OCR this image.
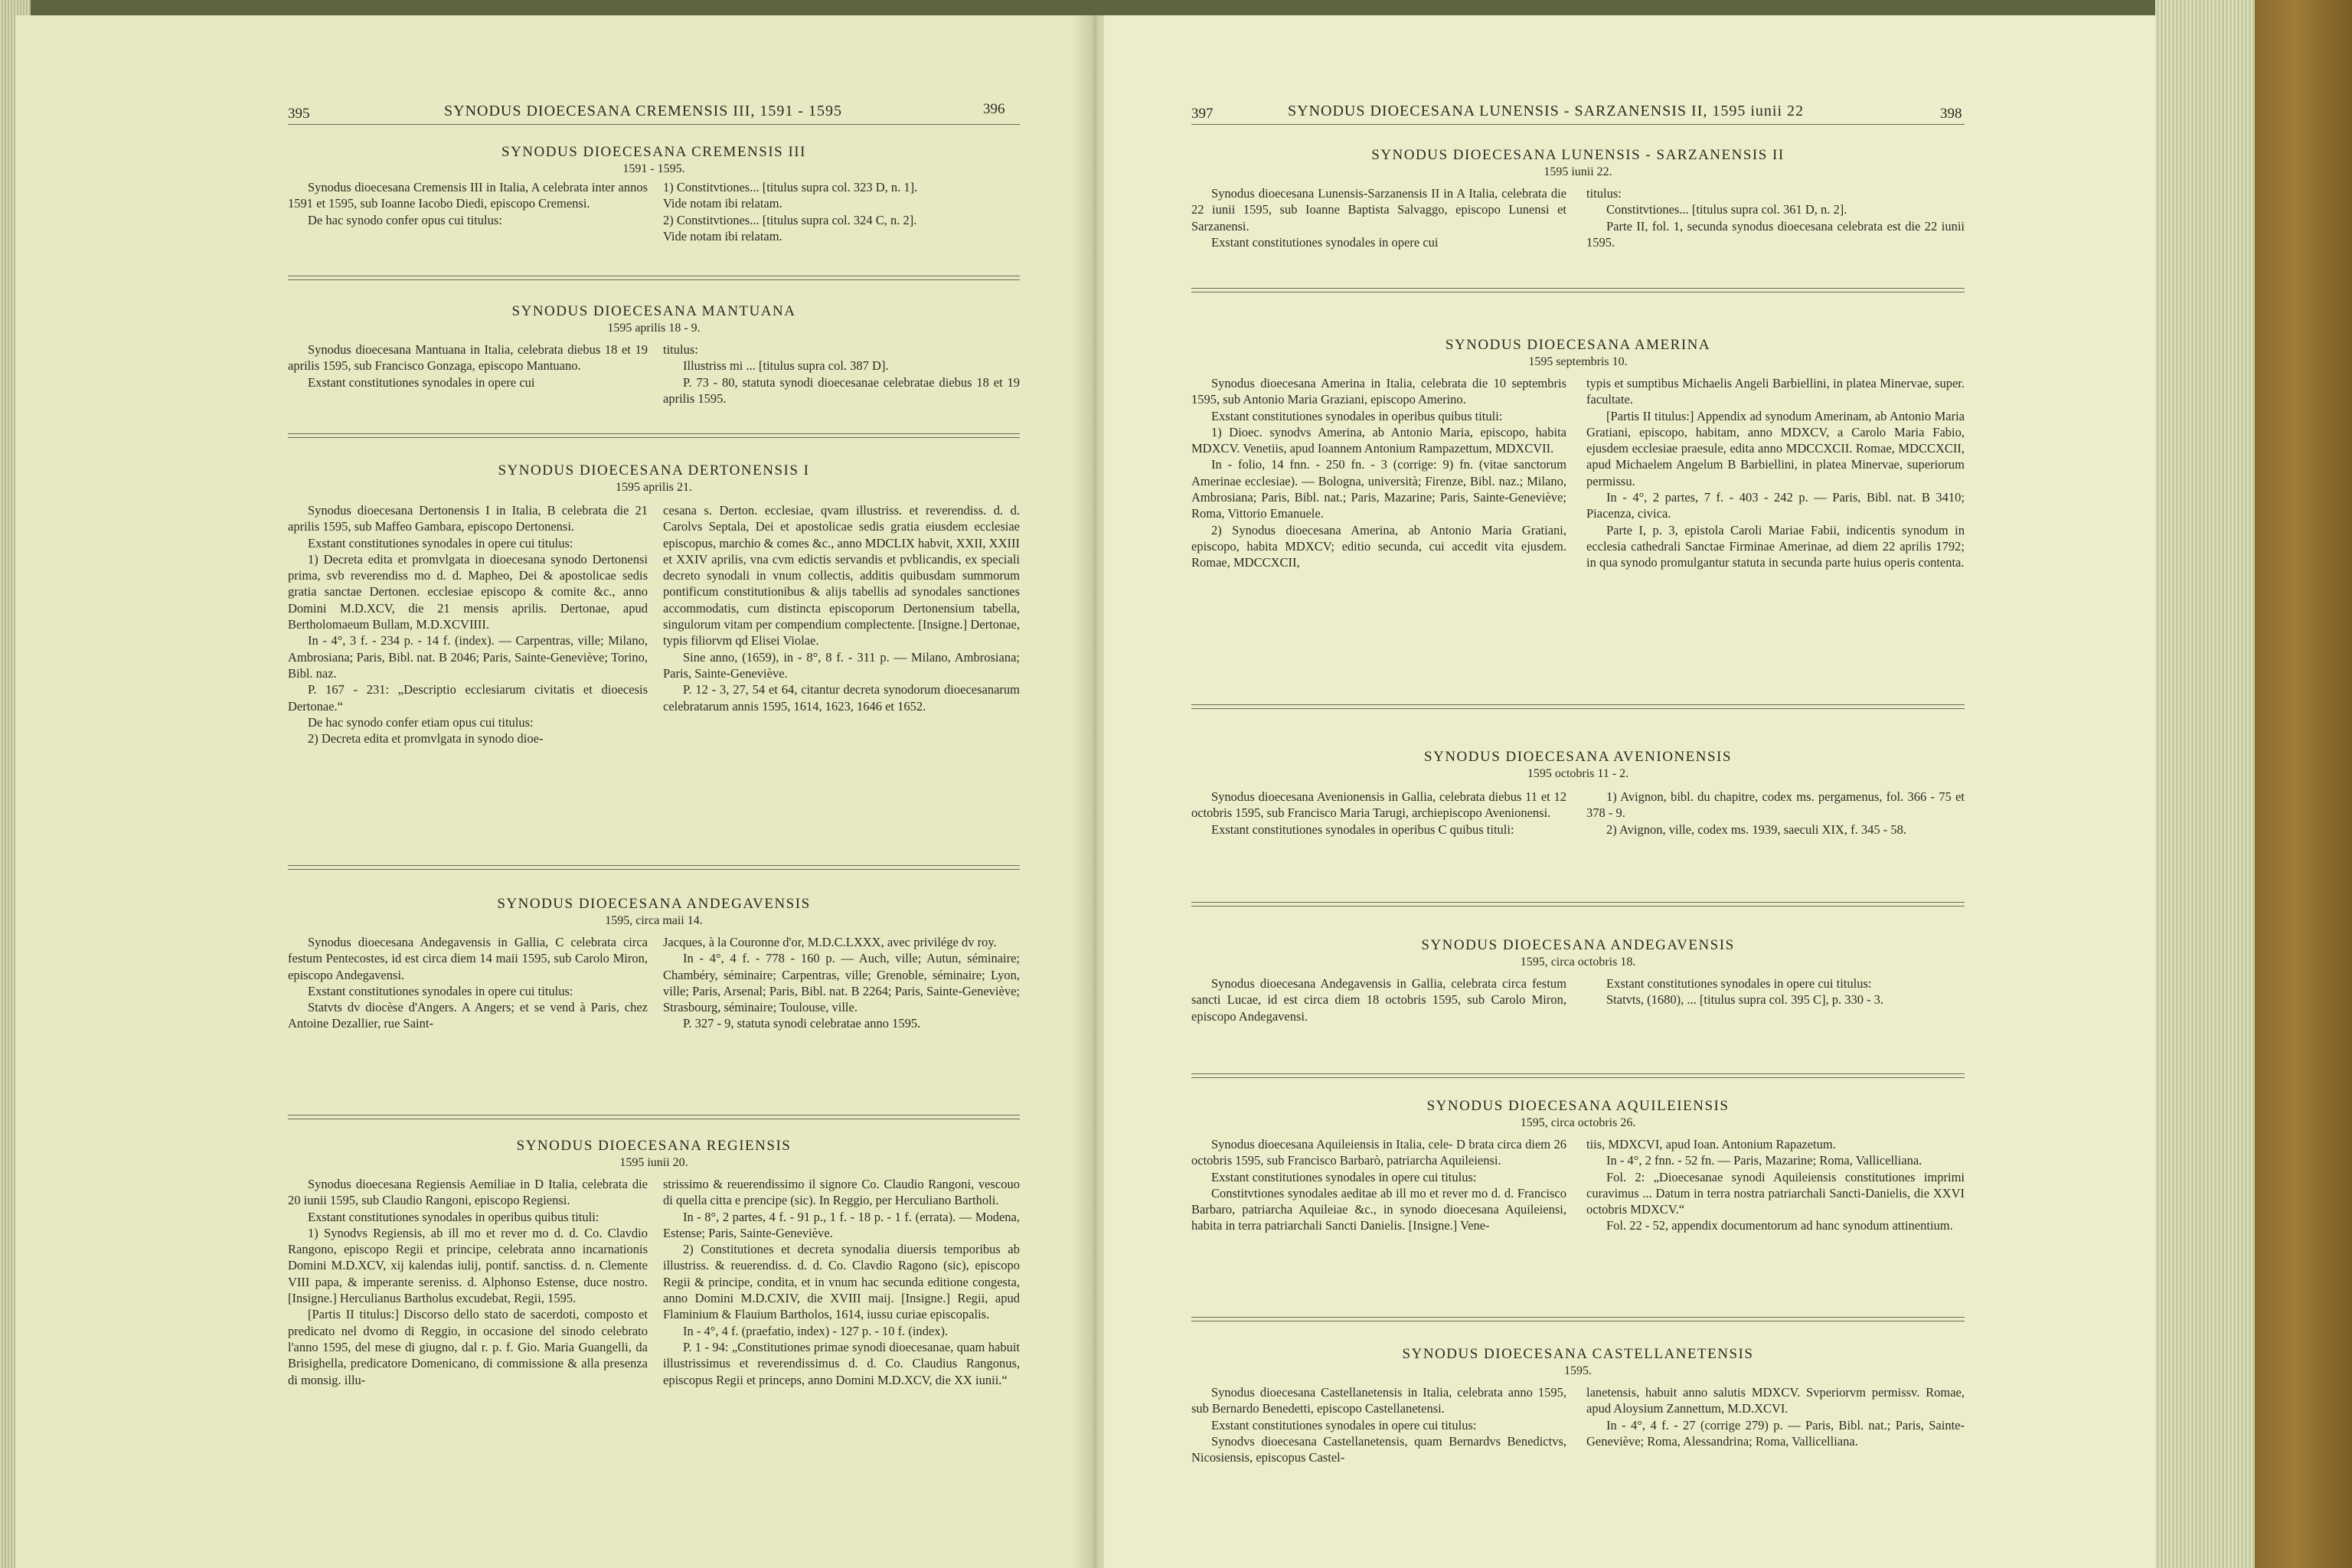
395	SYNODUS DIOECESANA CREMENSIS III, 1591 - 1595	396
SYNODUS DIOECESANA CREMENSIS III
1591 - 1595.

Synodus dioecesana Cremensis III in Italia, A celebrata inter annos 1591 et 1595, sub Ioanne Iacobo Diedi, episcopo Cremensi.

De hac synodo confer opus cui titulus:

1) Constitvtiones... [titulus supra col. 323 D, n. 1].

Vide notam ibi relatam.

2) Constitvtiones... [titulus supra col. 324 C, n. 2].

Vide notam ibi relatam.

SYNODUS DIOECESANA MANTUANA
1595 aprilis 18 - 9.

Synodus dioecesana Mantuana in Italia, celebrata diebus 18 et 19 aprilis 1595, sub Francisco Gonzaga, episcopo Mantuano.

Exstant constitutiones synodales in opere cui

titulus:

Illustriss mi ... [titulus supra col. 387 D].

P. 73 - 80, statuta synodi dioecesanae celebratae diebus 18 et 19 aprilis 1595.

SYNODUS DIOECESANA DERTONENSIS I
1595 aprilis 21.

Synodus dioecesana Dertonensis I in Italia, B celebrata die 21 aprilis 1595, sub Maffeo Gambara, episcopo Dertonensi.

Exstant constitutiones synodales in opere cui titulus:

1) Decreta edita et promvlgata in dioecesana synodo Dertonensi prima, svb reverendiss mo d. d. Mapheo, Dei & apostolicae sedis gratia sanctae Dertonen. ecclesiae episcopo & comite &c., anno Domini M.D.XCV, die 21 mensis aprilis. Dertonae, apud Bertholomaeum Bullam, M.D.XCVIIII.

In - 4°, 3 f. - 234 p. - 14 f. (index). — Carpentras, ville; Milano, Ambrosiana; Paris, Bibl. nat. B 2046; Paris, Sainte-Geneviève; Torino, Bibl. naz.

P. 167 - 231: „Descriptio ecclesiarum civitatis et dioecesis Dertonae.“

De hac synodo confer etiam opus cui titulus:

2) Decreta edita et promvlgata in synodo dioe-

cesana s. Derton. ecclesiae, qvam illustriss. et reverendiss. d. d. Carolvs Septala, Dei et apostolicae sedis gratia eiusdem ecclesiae episcopus, marchio & comes &c., anno MDCLIX habvit, XXII, XXIII et XXIV aprilis, vna cvm edictis servandis et pvblicandis, ex speciali decreto synodali in vnum collectis, additis quibusdam summorum pontificum constitutionibus & alijs tabellis ad synodales sanctiones accommodatis, cum distincta episcoporum Dertonensium tabella, singulorum vitam per compendium complectente. [Insigne.] Dertonae, typis filiorvm qd Elisei Violae.

Sine anno, (1659), in - 8°, 8 f. - 311 p. — Milano, Ambrosiana; Paris, Sainte-Geneviève.

P. 12 - 3, 27, 54 et 64, citantur decreta synodorum dioecesanarum celebratarum annis 1595, 1614, 1623, 1646 et 1652.

SYNODUS DIOECESANA ANDEGAVENSIS
1595, circa maii 14.

Synodus dioecesana Andegavensis in Gallia, C celebrata circa festum Pentecostes, id est circa diem 14 maii 1595, sub Carolo Miron, episcopo Andegavensi.

Exstant constitutiones synodales in opere cui titulus:

Statvts dv diocèse d'Angers. A Angers; et se vend à Paris, chez Antoine Dezallier, rue Saint-

Jacques, à la Couronne d'or, M.D.C.LXXX, avec privilége dv roy.

In - 4°, 4 f. - 778 - 160 p. — Auch, ville; Autun, séminaire; Chambéry, séminaire; Carpentras, ville; Grenoble, séminaire; Lyon, ville; Paris, Arsenal; Paris, Bibl. nat. B 2264; Paris, Sainte-Geneviève; Strasbourg, séminaire; Toulouse, ville.

P. 327 - 9, statuta synodi celebratae anno 1595.

SYNODUS DIOECESANA REGIENSIS
1595 iunii 20.

Synodus dioecesana Regiensis Aemiliae in D Italia, celebrata die 20 iunii 1595, sub Claudio Rangoni, episcopo Regiensi.

Exstant constitutiones synodales in operibus quibus tituli:

1) Synodvs Regiensis, ab ill mo et rever mo d. d. Co. Clavdio Rangono, episcopo Regii et principe, celebrata anno incarnationis Domini M.D.XCV, xij kalendas iulij, pontif. sanctiss. d. n. Clemente VIII papa, & imperante sereniss. d. Alphonso Estense, duce nostro. [Insigne.] Herculianus Bartholus excudebat, Regii, 1595.

[Partis II titulus:] Discorso dello stato de sacerdoti, composto et predicato nel dvomo di Reggio, in occasione del sinodo celebrato l'anno 1595, del mese di giugno, dal r. p. f. Gio. Maria Guangelli, da Brisighella, predicatore Domenicano, di commissione & alla presenza di monsig. illu-

strissimo & reuerendissimo il signore Co. Claudio Rangoni, vescouo di quella citta e prencipe (sic). In Reggio, per Herculiano Bartholi.

In - 8°, 2 partes, 4 f. - 91 p., 1 f. - 18 p. - 1 f. (errata). — Modena, Estense; Paris, Sainte-Geneviève.

2) Constitutiones et decreta synodalia diuersis temporibus ab illustriss. & reuerendiss. d. d. Co. Clavdio Ragono (sic), episcopo Regii & principe, condita, et in vnum hac secunda editione congesta, anno Domini M.D.CXIV, die XVIII maij. [Insigne.] Regii, apud Flaminium & Flauium Bartholos, 1614, iussu curiae episcopalis.

In - 4°, 4 f. (praefatio, index) - 127 p. - 10 f. (index).

P. 1 - 94: „Constitutiones primae synodi dioecesanae, quam habuit illustrissimus et reverendissimus d. d. Co. Claudius Rangonus, episcopus Regii et princeps, anno Domini M.D.XCV, die XX iunii.“

397	SYNODUS DIOECESANA LUNENSIS - SARZANENSIS II, 1595 iunii 22	398
SYNODUS DIOECESANA LUNENSIS - SARZANENSIS II
1595 iunii 22.

Synodus dioecesana Lunensis-Sarzanensis II in A Italia, celebrata die 22 iunii 1595, sub Ioanne Baptista Salvaggo, episcopo Lunensi et Sarzanensi.

Exstant constitutiones synodales in opere cui

titulus:

Constitvtiones... [titulus supra col. 361 D, n. 2].

Parte II, fol. 1, secunda synodus dioecesana celebrata est die 22 iunii 1595.

SYNODUS DIOECESANA AMERINA
1595 septembris 10.

Synodus dioecesana Amerina in Italia, celebrata die 10 septembris 1595, sub Antonio Maria Graziani, episcopo Amerino.

Exstant constitutiones synodales in operibus quibus tituli:

1) Dioec. synodvs Amerina, ab Antonio Maria, episcopo, habita MDXCV. Venetiis, apud Ioannem Antonium Rampazettum, MDXCVII.

In - folio, 14 fnn. - 250 fn. - 3 (corrige: 9) fn. (vitae sanctorum Amerinae ecclesiae). — Bologna, università; Firenze, Bibl. naz.; Milano, Ambrosiana; Paris, Bibl. nat.; Paris, Mazarine; Paris, Sainte-Geneviève; Roma, Vittorio Emanuele.

2) Synodus dioecesana Amerina, ab Antonio Maria Gratiani, episcopo, habita MDXCV; editio secunda, cui accedit vita ejusdem. Romae, MDCCXCII,

typis et sumptibus Michaelis Angeli Barbiellini, in platea Minervae, super. facultate.

[Partis II titulus:] Appendix ad synodum Amerinam, ab Antonio Maria Gratiani, episcopo, habitam, anno MDXCV, a Carolo Maria Fabio, ejusdem ecclesiae praesule, edita anno MDCCXCII. Romae, MDCCXCII, apud Michaelem Angelum B Barbiellini, in platea Minervae, superiorum permissu.

In - 4°, 2 partes, 7 f. - 403 - 242 p. — Paris, Bibl. nat. B 3410; Piacenza, civica.

Parte I, p. 3, epistola Caroli Mariae Fabii, indicentis synodum in ecclesia cathedrali Sanctae Firminae Amerinae, ad diem 22 aprilis 1792; in qua synodo promulgantur statuta in secunda parte huius operis contenta.

SYNODUS DIOECESANA AVENIONENSIS
1595 octobris 11 - 2.

Synodus dioecesana Avenionensis in Gallia, celebrata diebus 11 et 12 octobris 1595, sub Francisco Maria Tarugi, archiepiscopo Avenionensi.

Exstant constitutiones synodales in operibus C quibus tituli:

1) Avignon, bibl. du chapitre, codex ms. pergamenus, fol. 366 - 75 et 378 - 9.

2) Avignon, ville, codex ms. 1939, saeculi XIX, f. 345 - 58.

SYNODUS DIOECESANA ANDEGAVENSIS
1595, circa octobris 18.

Synodus dioecesana Andegavensis in Gallia, celebrata circa festum sancti Lucae, id est circa diem 18 octobris 1595, sub Carolo Miron, episcopo Andegavensi.

Exstant constitutiones synodales in opere cui titulus:

Statvts, (1680), ... [titulus supra col. 395 C], p. 330 - 3.

SYNODUS DIOECESANA AQUILEIENSIS
1595, circa octobris 26.

Synodus dioecesana Aquileiensis in Italia, cele- D brata circa diem 26 octobris 1595, sub Francisco Barbarò, patriarcha Aquileiensi.

Exstant constitutiones synodales in opere cui titulus:

Constitvtiones synodales aeditae ab ill mo et rever mo d. d. Francisco Barbaro, patriarcha Aquileiae &c., in synodo dioecesana Aquileiensi, habita in terra patriarchali Sancti Danielis. [Insigne.] Vene-

tiis, MDXCVI, apud Ioan. Antonium Rapazetum.

In - 4°, 2 fnn. - 52 fn. — Paris, Mazarine; Roma, Vallicelliana.

Fol. 2: „Dioecesanae synodi Aquileiensis constitutiones imprimi curavimus ... Datum in terra nostra patriarchali Sancti-Danielis, die XXVI octobris MDXCV.“

Fol. 22 - 52, appendix documentorum ad hanc synodum attinentium.

SYNODUS DIOECESANA CASTELLANETENSIS
1595.

Synodus dioecesana Castellanetensis in Italia, celebrata anno 1595, sub Bernardo Benedetti, episcopo Castellanetensi.

Exstant constitutiones synodales in opere cui titulus:

Synodvs dioecesana Castellanetensis, quam Bernardvs Benedictvs, Nicosiensis, episcopus Castel-

lanetensis, habuit anno salutis MDXCV. Svperiorvm permissv. Romae, apud Aloysium Zannettum, M.D.XCVI.

In - 4°, 4 f. - 27 (corrige 279) p. — Paris, Bibl. nat.; Paris, Sainte-Geneviève; Roma, Alessandrina; Roma, Vallicelliana.
